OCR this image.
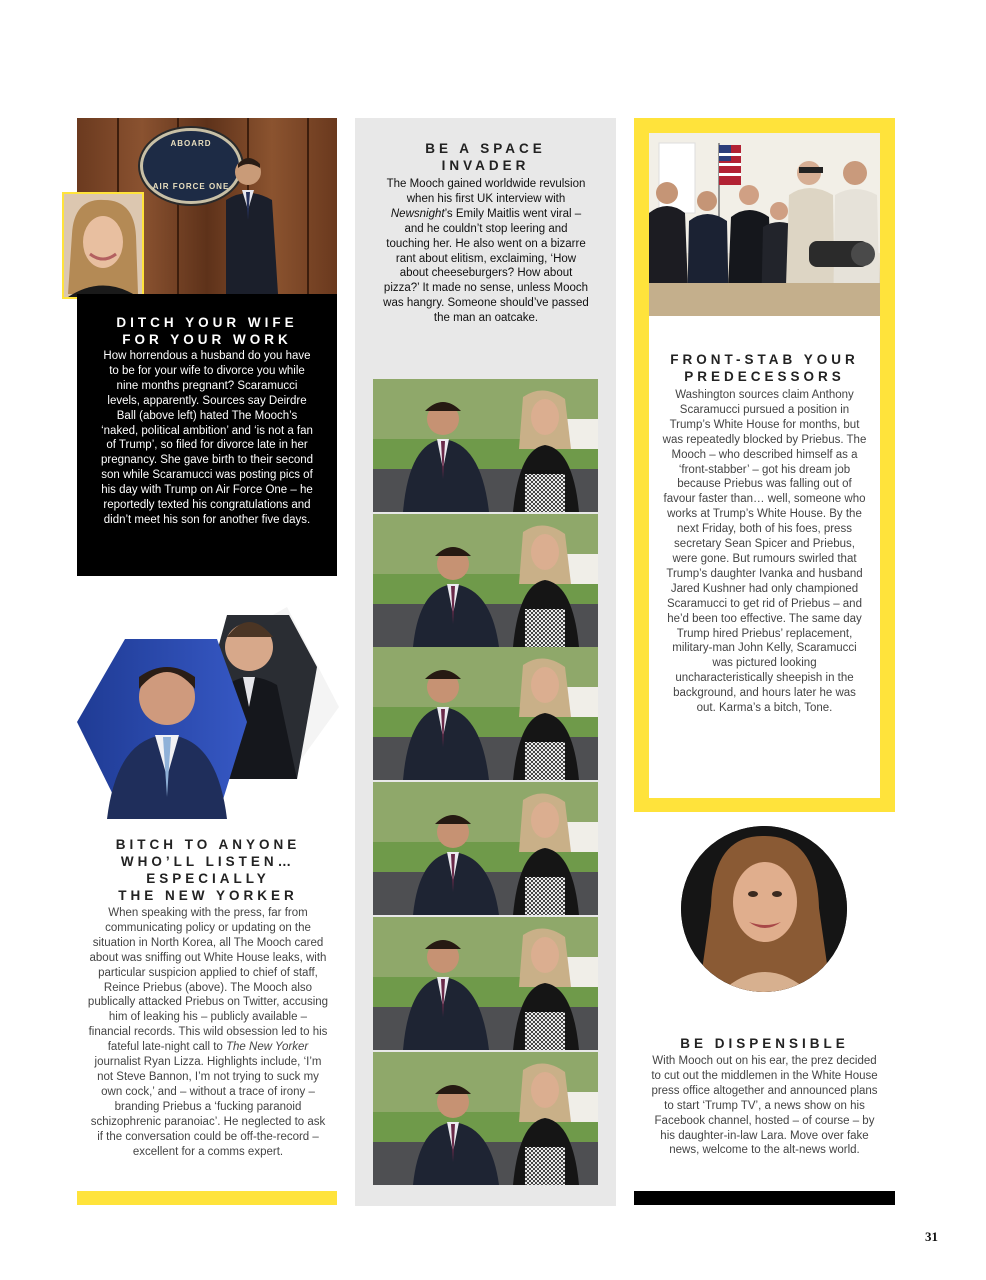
ABOARD
AIR FORCE ONE
DITCH YOUR WIFE
FOR YOUR WORK

How horrendous a husband do you have to be for your wife to divorce you while nine months pregnant? Scaramucci levels, apparently. Sources say Deirdre Ball (above left) hated The Mooch’s ‘naked, political ambition’ and ‘is not a fan of Trump’, so filed for divorce late in her pregnancy. She gave birth to their second son while Scaramucci was posting pics of his day with Trump on Air Force One – he reportedly texted his congratulations and didn’t meet his son for another five days.

BITCH TO ANYONE
WHO’LL LISTEN…
ESPECIALLY
THE NEW YORKER

When speaking with the press, far from communicating policy or updating on the situation in North Korea, all The Mooch cared about was sniffing out White House leaks, with particular suspicion applied to chief of staff, Reince Priebus (above). The Mooch also publically attacked Priebus on Twitter, accusing him of leaking his – publicly available – financial records. This wild obsession led to his fateful late-night call to The New Yorker journalist Ryan Lizza. Highlights include, ‘I’m not Steve Bannon, I’m not trying to suck my own cock,’ and – without a trace of irony – branding Priebus a ‘fucking paranoid schizophrenic paranoiac’. He neglected to ask if the conversation could be off-the-record – excellent for a comms expert.

BE A SPACE
INVADER

The Mooch gained worldwide revulsion when his first UK interview with Newsnight’s Emily Maitlis went viral – and he couldn’t stop leering and touching her. He also went on a bizarre rant about elitism, exclaiming, ‘How about cheeseburgers? How about pizza?’ It made no sense, unless Mooch was hangry. Someone should’ve passed the man an oatcake.

FRONT-STAB YOUR
PREDECESSORS

Washington sources claim Anthony Scaramucci pursued a position in Trump’s White House for months, but was repeatedly blocked by Priebus. The Mooch – who described himself as a ‘front-stabber’ – got his dream job because Priebus was falling out of favour faster than… well, someone who works at Trump’s White House. By the next Friday, both of his foes, press secretary Sean Spicer and Priebus, were gone. But rumours swirled that Trump’s daughter Ivanka and husband Jared Kushner had only championed Scaramucci to get rid of Priebus – and he’d been too effective. The same day Trump hired Priebus’ replacement, military-man John Kelly, Scaramucci was pictured looking uncharacteristically sheepish in the background, and hours later he was out. Karma’s a bitch, Tone.

BE DISPENSIBLE

With Mooch out on his ear, the prez decided to cut out the middlemen in the White House press office altogether and announced plans to start ‘Trump TV’, a news show on his Facebook channel, hosted – of course – by his daughter-in-law Lara. Move over fake news, welcome to the alt-news world.

31
